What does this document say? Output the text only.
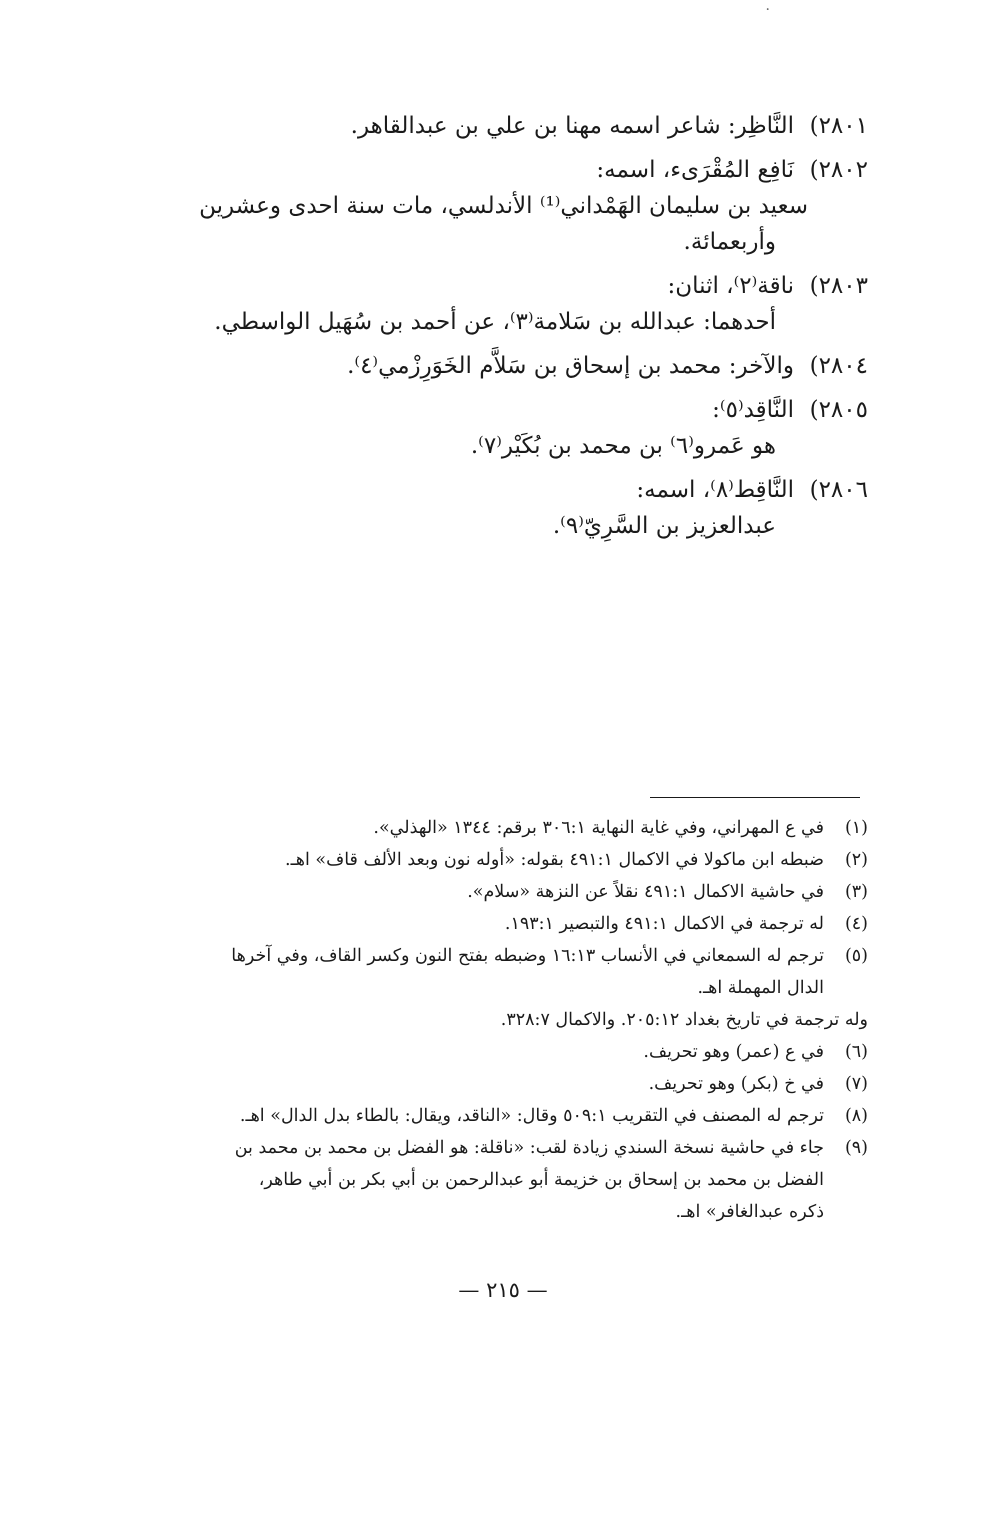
·
٢٨٠١)
النَّاظِر: شاعر اسمه مهنا بن علي بن عبدالقاهر.
٢٨٠٢)
نَافِع المُقْرَىء، اسمه:
سعيد بن سليمان الهَمْداني⁽¹⁾ الأندلسي، مات سنة احدى وعشرين
وأربعمائة.
٢٨٠٣)
ناقة⁽٢⁾، اثنان:
أحدهما: عبدالله بن سَلامة⁽٣⁾، عن أحمد بن سُهَيل الواسطي.
٢٨٠٤)
والآخر: محمد بن إسحاق بن سَلاَّم الخَوَرِزْمي⁽٤⁾.
٢٨٠٥)
النَّاقِد⁽٥⁾:
هو عَمرو⁽٦⁾ بن محمد بن بُكَيْر⁽٧⁾.
٢٨٠٦)
النَّاقِط⁽٨⁾، اسمه:
عبدالعزيز بن السَّرِيّ⁽٩⁾.
(١)
في ع المهراني، وفي غاية النهاية ٣٠٦:١ برقم: ١٣٤٤ «الهذلي».
(٢)
ضبطه ابن ماكولا في الاكمال ٤٩١:١ بقوله: «أوله نون وبعد الألف قاف» اهـ.
(٣)
في حاشية الاكمال ٤٩١:١ نقلاً عن النزهة «سلام».
(٤)
له ترجمة في الاكمال ٤٩١:١ والتبصير ١٩٣:١.
(٥)
ترجم له السمعاني في الأنساب ١٦:١٣ وضبطه بفتح النون وكسر القاف، وفي آخرها
الدال المهملة اهـ.
وله ترجمة في تاريخ بغداد ٢٠٥:١٢. والاكمال ٣٢٨:٧.
(٦)
في ع (عمر) وهو تحريف.
(٧)
في خ (بكر) وهو تحريف.
(٨)
ترجم له المصنف في التقريب ٥٠٩:١ وقال: «الناقد، ويقال: بالطاء بدل الدال» اهـ.
(٩)
جاء في حاشية نسخة السندي زيادة لقب: «ناقلة: هو الفضل بن محمد بن محمد بن
الفضل بن محمد بن إسحاق بن خزيمة أبو عبدالرحمن بن أبي بكر بن أبي طاهر،
ذكره عبدالغافر» اهـ.
— ٢١٥ —
